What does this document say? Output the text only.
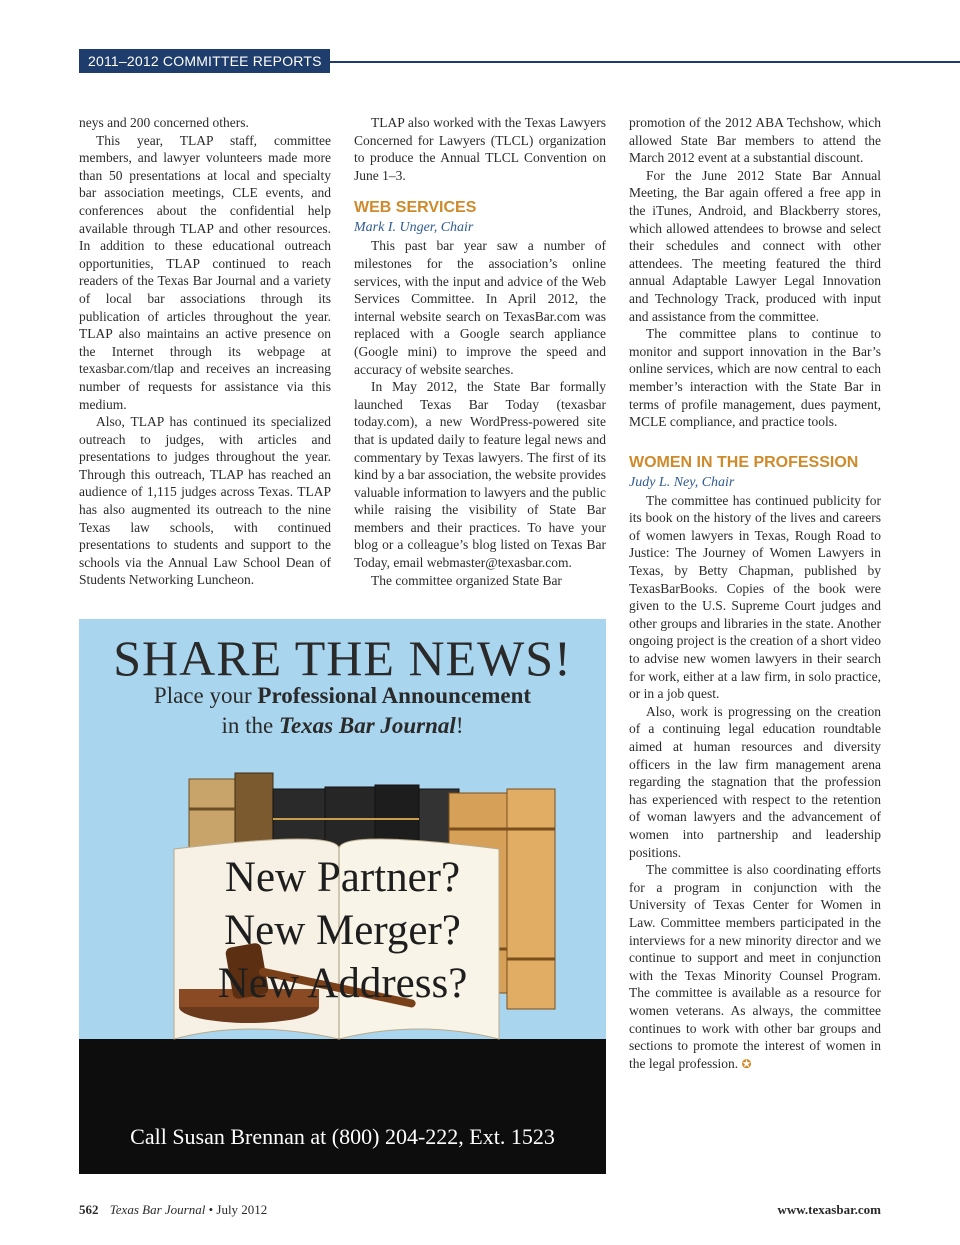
2011–2012 COMMITTEE REPORTS

neys and 200 concerned others.

This year, TLAP staff, committee members, and lawyer volunteers made more than 50 presentations at local and specialty bar association meetings, CLE events, and conferences about the confidential help available through TLAP and other resources. In addition to these educational outreach opportunities, TLAP continued to reach readers of the Texas Bar Journal and a variety of local bar associations through its publication of articles throughout the year. TLAP also maintains an active presence on the Internet through its webpage at texasbar.com/tlap and receives an increasing number of requests for assistance via this medium.

Also, TLAP has continued its specialized outreach to judges, with articles and presentations to judges throughout the year. Through this outreach, TLAP has reached an audience of 1,115 judges across Texas. TLAP has also augmented its outreach to the nine Texas law schools, with continued presentations to students and support to the schools via the Annual Law School Dean of Students Networking Luncheon.

TLAP also worked with the Texas Lawyers Concerned for Lawyers (TLCL) organization to produce the Annual TLCL Convention on June 1–3.

WEB SERVICES
Mark I. Unger, Chair

This past bar year saw a number of milestones for the association’s online services, with the input and advice of the Web Services Committee. In April 2012, the internal website search on TexasBar.com was replaced with a Google search appliance (Google mini) to improve the speed and accuracy of website searches.

In May 2012, the State Bar formally launched Texas Bar Today (texasbar today.com), a new WordPress-powered site that is updated daily to feature legal news and commentary by Texas lawyers. The first of its kind by a bar association, the website provides valuable information to lawyers and the public while raising the visibility of State Bar members and their practices. To have your blog or a colleague’s blog listed on Texas Bar Today, email webmaster@texasbar.com.

The committee organized State Bar

promotion of the 2012 ABA Techshow, which allowed State Bar members to attend the March 2012 event at a substantial discount.

For the June 2012 State Bar Annual Meeting, the Bar again offered a free app in the iTunes, Android, and Blackberry stores, which allowed attendees to browse and select their schedules and connect with other attendees. The meeting featured the third annual Adaptable Lawyer Legal Innovation and Technology Track, produced with input and assistance from the committee.

The committee plans to continue to monitor and support innovation in the Bar’s online services, which are now central to each member’s interaction with the State Bar in terms of profile management, dues payment, MCLE compliance, and practice tools.

WOMEN IN THE PROFESSION
Judy L. Ney, Chair

The committee has continued publicity for its book on the history of the lives and careers of women lawyers in Texas, Rough Road to Justice: The Journey of Women Lawyers in Texas, by Betty Chapman, published by TexasBarBooks. Copies of the book were given to the U.S. Supreme Court judges and other groups and libraries in the state. Another ongoing project is the creation of a short video to advise new women lawyers in their search for work, either at a law firm, in solo practice, or in a job quest.

Also, work is progressing on the creation of a continuing legal education roundtable aimed at human resources and diversity officers in the law firm management arena regarding the stagnation that the profession has experienced with respect to the retention of woman lawyers and the advancement of women into partnership and leadership positions.

The committee is also coordinating efforts for a program in conjunction with the University of Texas Center for Women in Law. Committee members participated in the interviews for a new minority director and we continue to support and meet in conjunction with the Texas Minority Counsel Program. The committee is available as a resource for women veterans. As always, the committee continues to work with other bar groups and sections to promote the interest of women in the legal profession. ✪

SHARE THE NEWS!
Place your Professional Announcement
in the Texas Bar Journal!
New Partner?
New Merger?
New Address?
Call Susan Brennan at (800) 204-222, Ext. 1523
562 Texas Bar Journal • July 2012	www.texasbar.com
